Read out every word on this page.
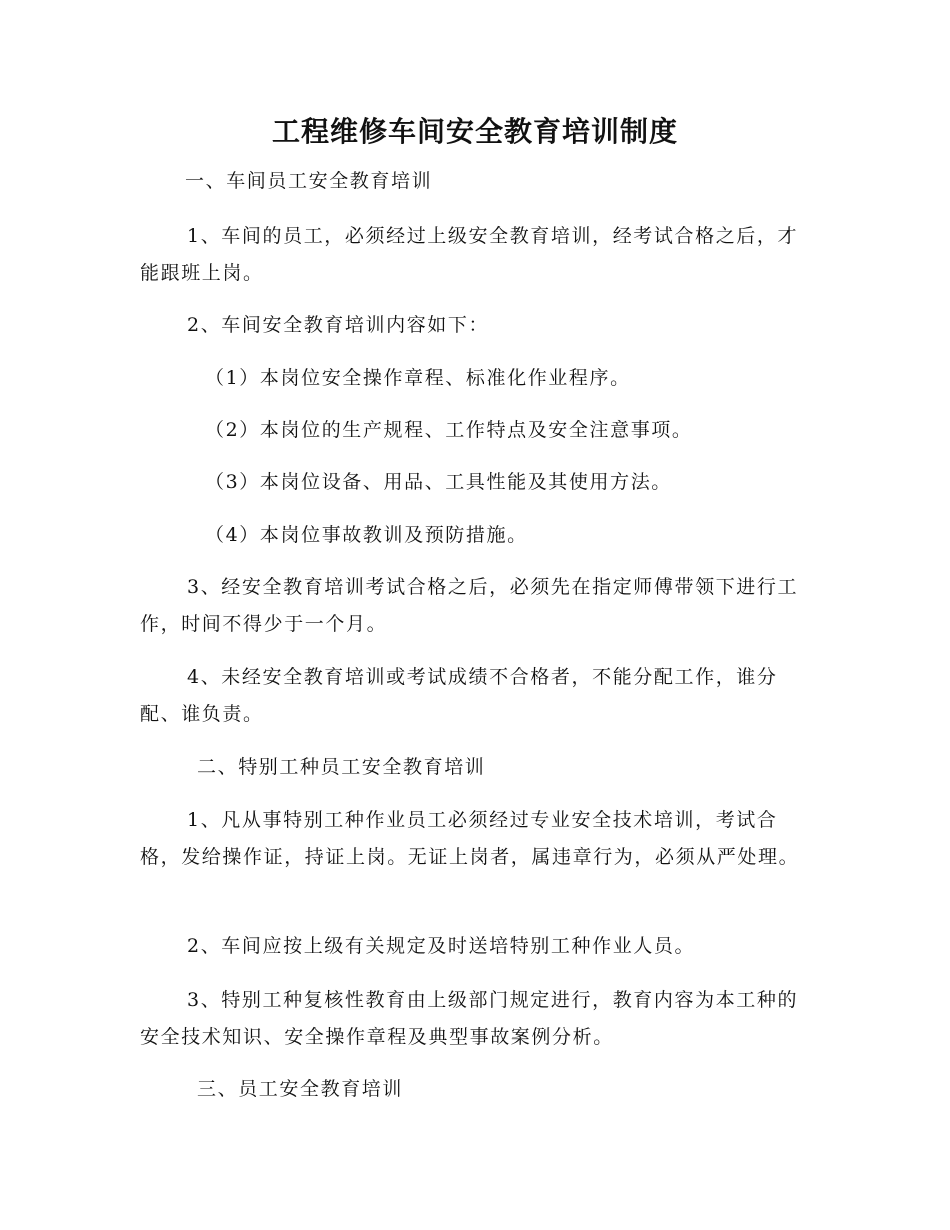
工程维修车间安全教育培训制度

一、车间员工安全教育培训

1、车间的员工，必须经过上级安全教育培训，经考试合格之后，才能跟班上岗。

2、车间安全教育培训内容如下：

（1）本岗位安全操作章程、标准化作业程序。

（2）本岗位的生产规程、工作特点及安全注意事项。

（3）本岗位设备、用品、工具性能及其使用方法。

（4）本岗位事故教训及预防措施。

3、经安全教育培训考试合格之后，必须先在指定师傅带领下进行工作，时间不得少于一个月。

4、未经安全教育培训或考试成绩不合格者，不能分配工作，谁分配、谁负责。

二、特别工种员工安全教育培训

1、凡从事特别工种作业员工必须经过专业安全技术培训，考试合格，发给操作证，持证上岗。无证上岗者，属违章行为，必须从严处理。

2、车间应按上级有关规定及时送培特别工种作业人员。

3、特别工种复核性教育由上级部门规定进行，教育内容为本工种的安全技术知识、安全操作章程及典型事故案例分析。

三、员工安全教育培训
